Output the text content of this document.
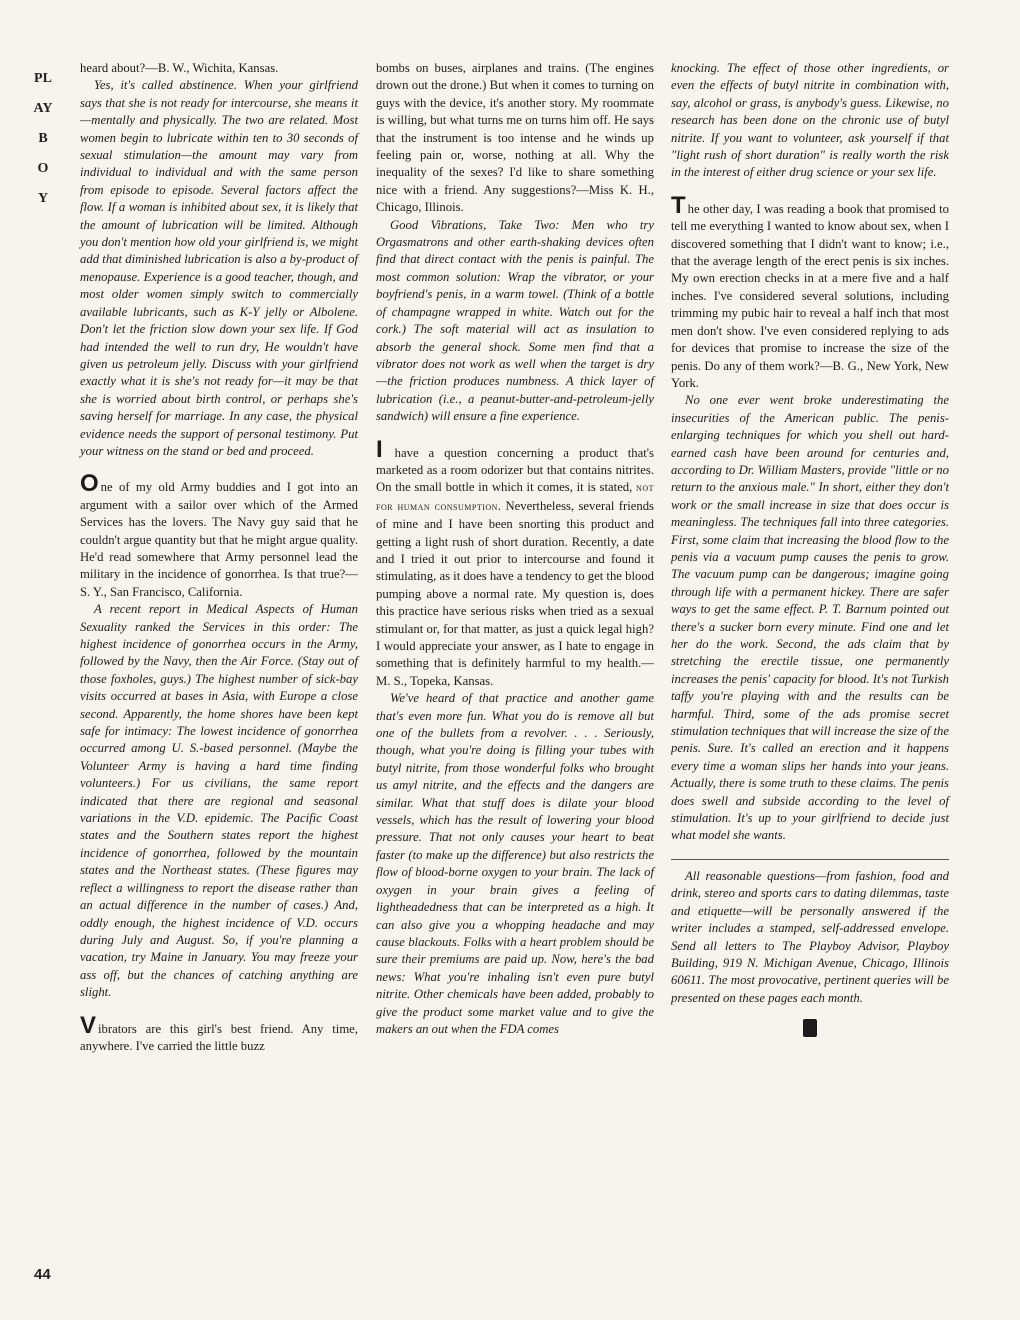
PLAYBOY
44

heard about?—B. W., Wichita, Kansas.

Yes, it's called abstinence. When your girlfriend says that she is not ready for intercourse, she means it—mentally and physically. The two are related. Most women begin to lubricate within ten to 30 seconds of sexual stimulation—the amount may vary from individual to individual and with the same person from episode to episode. Several factors affect the flow. If a woman is inhibited about sex, it is likely that the amount of lubrication will be limited. Although you don't mention how old your girlfriend is, we might add that diminished lubrication is also a by-product of menopause. Experience is a good teacher, though, and most older women simply switch to commercially available lubricants, such as K-Y jelly or Albolene. Don't let the friction slow down your sex life. If God had intended the well to run dry, He wouldn't have given us petroleum jelly. Discuss with your girlfriend exactly what it is she's not ready for—it may be that she is worried about birth control, or perhaps she's saving herself for marriage. In any case, the physical evidence needs the support of personal testimony. Put your witness on the stand or bed and proceed.

One of my old Army buddies and I got into an argument with a sailor over which of the Armed Services has the lovers. The Navy guy said that he couldn't argue quantity but that he might argue quality. He'd read somewhere that Army personnel lead the military in the incidence of gonorrhea. Is that true?—S. Y., San Francisco, California.

A recent report in Medical Aspects of Human Sexuality ranked the Services in this order: The highest incidence of gonorrhea occurs in the Army, followed by the Navy, then the Air Force. (Stay out of those foxholes, guys.) The highest number of sick-bay visits occurred at bases in Asia, with Europe a close second. Apparently, the home shores have been kept safe for intimacy: The lowest incidence of gonorrhea occurred among U. S.-based personnel. (Maybe the Volunteer Army is having a hard time finding volunteers.) For us civilians, the same report indicated that there are regional and seasonal variations in the V.D. epidemic. The Pacific Coast states and the Southern states report the highest incidence of gonorrhea, followed by the mountain states and the Northeast states. (These figures may reflect a willingness to report the disease rather than an actual difference in the number of cases.) And, oddly enough, the highest incidence of V.D. occurs during July and August. So, if you're planning a vacation, try Maine in January. You may freeze your ass off, but the chances of catching anything are slight.

Vibrators are this girl's best friend. Any time, anywhere. I've carried the little buzz

bombs on buses, airplanes and trains. (The engines drown out the drone.) But when it comes to turning on guys with the device, it's another story. My roommate is willing, but what turns me on turns him off. He says that the instrument is too intense and he winds up feeling pain or, worse, nothing at all. Why the inequality of the sexes? I'd like to share something nice with a friend. Any suggestions?—Miss K. H., Chicago, Illinois.

Good Vibrations, Take Two: Men who try Orgasmatrons and other earth-shaking devices often find that direct contact with the penis is painful. The most common solution: Wrap the vibrator, or your boyfriend's penis, in a warm towel. (Think of a bottle of champagne wrapped in white. Watch out for the cork.) The soft material will act as insulation to absorb the general shock. Some men find that a vibrator does not work as well when the target is dry—the friction produces numbness. A thick layer of lubrication (i.e., a peanut-butter-and-petroleum-jelly sandwich) will ensure a fine experience.

I have a question concerning a product that's marketed as a room odorizer but that contains nitrites. On the small bottle in which it comes, it is stated, not for human consumption. Nevertheless, several friends of mine and I have been snorting this product and getting a light rush of short duration. Recently, a date and I tried it out prior to intercourse and found it stimulating, as it does have a tendency to get the blood pumping above a normal rate. My question is, does this practice have serious risks when tried as a sexual stimulant or, for that matter, as just a quick legal high? I would appreciate your answer, as I hate to engage in something that is definitely harmful to my health.—M. S., Topeka, Kansas.

We've heard of that practice and another game that's even more fun. What you do is remove all but one of the bullets from a revolver. . . . Seriously, though, what you're doing is filling your tubes with butyl nitrite, from those wonderful folks who brought us amyl nitrite, and the effects and the dangers are similar. What that stuff does is dilate your blood vessels, which has the result of lowering your blood pressure. That not only causes your heart to beat faster (to make up the difference) but also restricts the flow of blood-borne oxygen to your brain. The lack of oxygen in your brain gives a feeling of lightheadedness that can be interpreted as a high. It can also give you a whopping headache and may cause blackouts. Folks with a heart problem should be sure their premiums are paid up. Now, here's the bad news: What you're inhaling isn't even pure butyl nitrite. Other chemicals have been added, probably to give the product some market value and to give the makers an out when the FDA comes

knocking. The effect of those other ingredients, or even the effects of butyl nitrite in combination with, say, alcohol or grass, is anybody's guess. Likewise, no research has been done on the chronic use of butyl nitrite. If you want to volunteer, ask yourself if that "light rush of short duration" is really worth the risk in the interest of either drug science or your sex life.

The other day, I was reading a book that promised to tell me everything I wanted to know about sex, when I discovered something that I didn't want to know; i.e., that the average length of the erect penis is six inches. My own erection checks in at a mere five and a half inches. I've considered several solutions, including trimming my pubic hair to reveal a half inch that most men don't show. I've even considered replying to ads for devices that promise to increase the size of the penis. Do any of them work?—B. G., New York, New York.

No one ever went broke underestimating the insecurities of the American public. The penis-enlarging techniques for which you shell out hard-earned cash have been around for centuries and, according to Dr. William Masters, provide "little or no return to the anxious male." In short, either they don't work or the small increase in size that does occur is meaningless. The techniques fall into three categories. First, some claim that increasing the blood flow to the penis via a vacuum pump causes the penis to grow. The vacuum pump can be dangerous; imagine going through life with a permanent hickey. There are safer ways to get the same effect. P. T. Barnum pointed out there's a sucker born every minute. Find one and let her do the work. Second, the ads claim that by stretching the erectile tissue, one permanently increases the penis' capacity for blood. It's not Turkish taffy you're playing with and the results can be harmful. Third, some of the ads promise secret stimulation techniques that will increase the size of the penis. Sure. It's called an erection and it happens every time a woman slips her hands into your jeans. Actually, there is some truth to these claims. The penis does swell and subside according to the level of stimulation. It's up to your girlfriend to decide just what model she wants.

All reasonable questions—from fashion, food and drink, stereo and sports cars to dating dilemmas, taste and etiquette—will be personally answered if the writer includes a stamped, self-addressed envelope. Send all letters to The Playboy Advisor, Playboy Building, 919 N. Michigan Avenue, Chicago, Illinois 60611. The most provocative, pertinent queries will be presented on these pages each month.
